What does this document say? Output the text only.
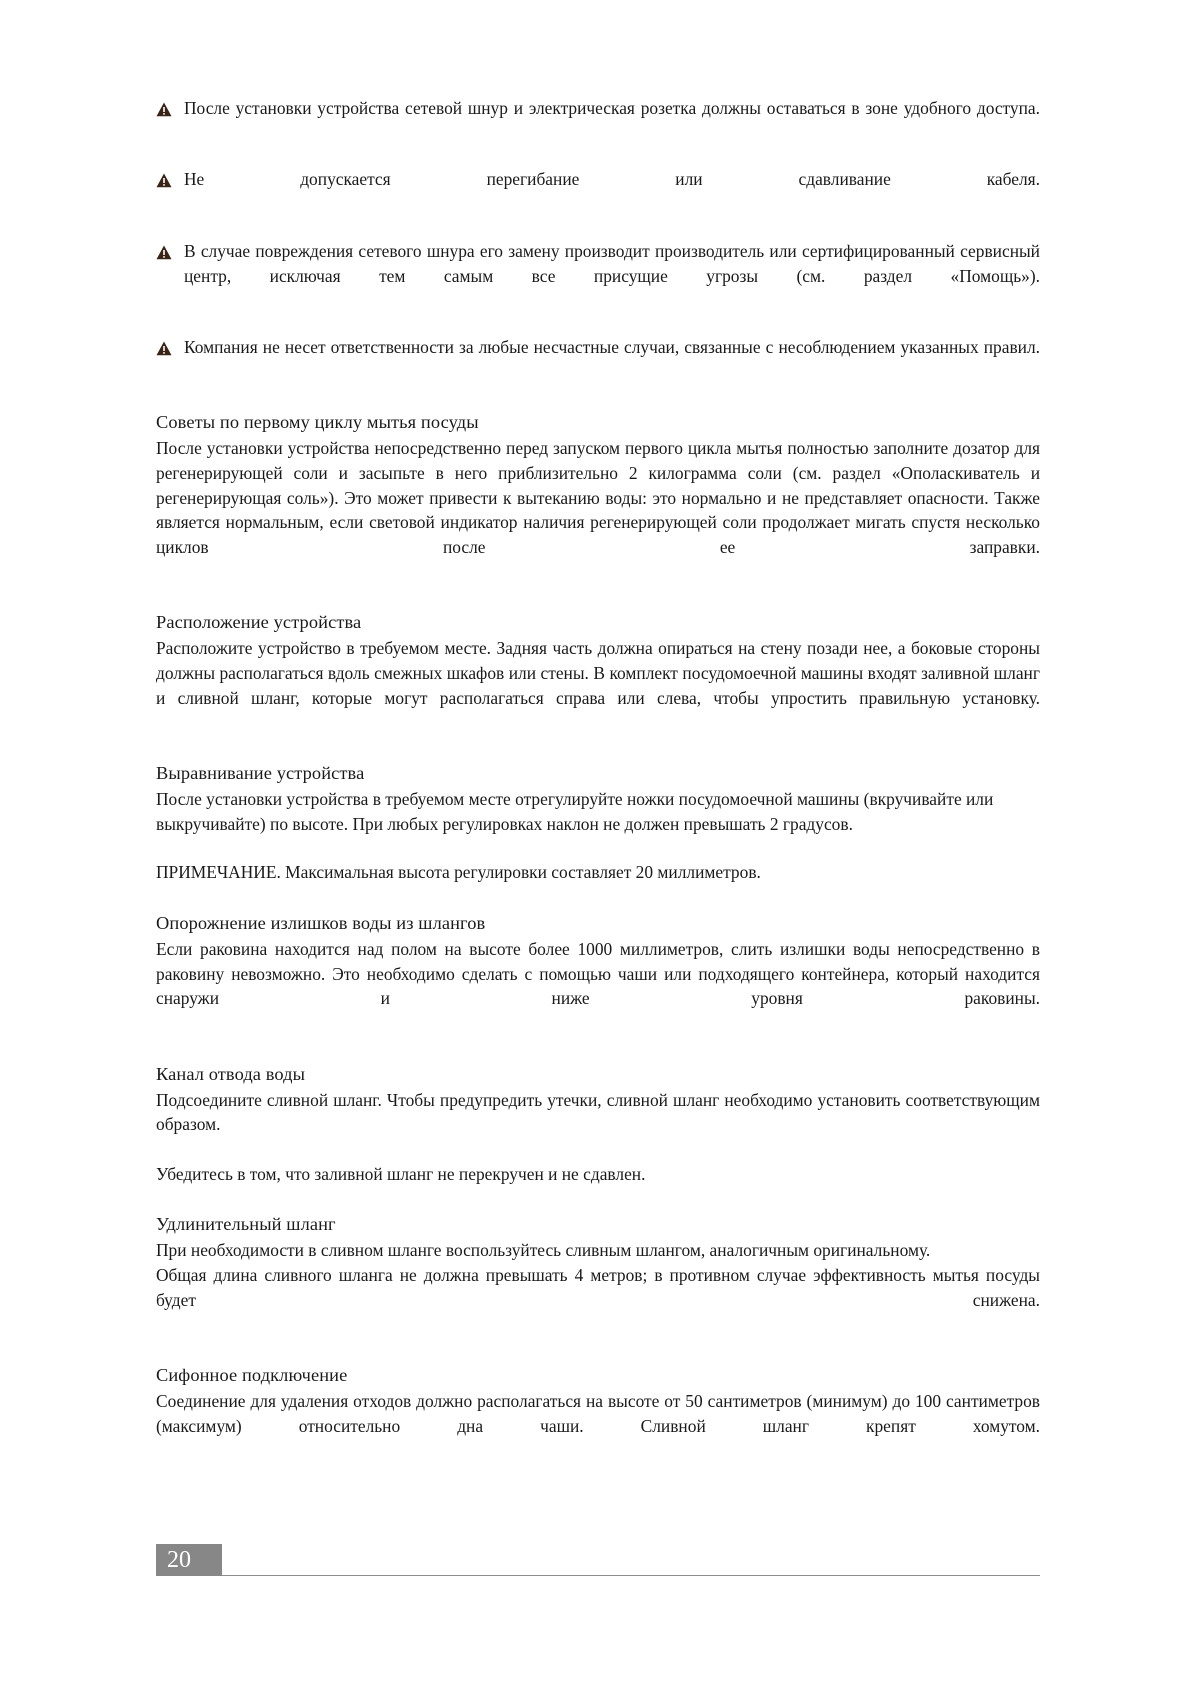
После установки устройства сетевой шнур и электрическая розетка должны оставаться в зоне удобного доступа.
Не допускается перегибание или сдавливание кабеля.
В случае повреждения сетевого шнура его замену производит производитель или сертифицированный сервисный центр, исключая тем самым все присущие угрозы (см. раздел «Помощь»).
Компания не несет ответственности за любые несчастные случаи, связанные с несоблюдением указанных правил.
Советы по первому циклу мытья посуды

После установки устройства непосредственно перед запуском первого цикла мытья полностью заполните дозатор для регенерирующей соли и засыпьте в него приблизительно 2 килограмма соли (см. раздел «Ополаскиватель и регенерирующая соль»). Это может привести к вытеканию воды: это нормально и не представляет опасности. Также является нормальным, если световой индикатор наличия регенерирующей соли продолжает мигать спустя несколько циклов после ее заправки.

Расположение устройства

Расположите устройство в требуемом месте. Задняя часть должна опираться на стену позади нее, а боковые стороны должны располагаться вдоль смежных шкафов или стены. В комплект посудомоечной машины входят заливной шланг и сливной шланг, которые могут располагаться справа или слева, чтобы упростить правильную установку.

Выравнивание устройства

После установки устройства в требуемом месте отрегулируйте ножки посудомоечной машины (вкручивайте или выкручивайте) по высоте. При любых регулировках наклон не должен превышать 2 градусов.

ПРИМЕЧАНИЕ. Максимальная высота регулировки составляет 20 миллиметров.

Опорожнение излишков воды из шлангов

Если раковина находится над полом на высоте более 1000 миллиметров, слить излишки воды непосредственно в раковину невозможно. Это необходимо сделать с помощью чаши или подходящего контейнера, который находится снаружи и ниже уровня раковины.

Канал отвода воды

Подсоедините сливной шланг. Чтобы предупредить утечки, сливной шланг необходимо установить соответствующим образом.

Убедитесь в том, что заливной шланг не перекручен и не сдавлен.

Удлинительный шланг

При необходимости в сливном шланге воспользуйтесь сливным шлангом, аналогичным оригинальному.

Общая длина сливного шланга не должна превышать 4 метров; в противном случае эффективность мытья посуды будет снижена.

Сифонное подключение

Соединение для удаления отходов должно располагаться на высоте от 50 сантиметров (минимум) до 100 сантиметров (максимум) относительно дна чаши. Сливной шланг крепят хомутом.

20
